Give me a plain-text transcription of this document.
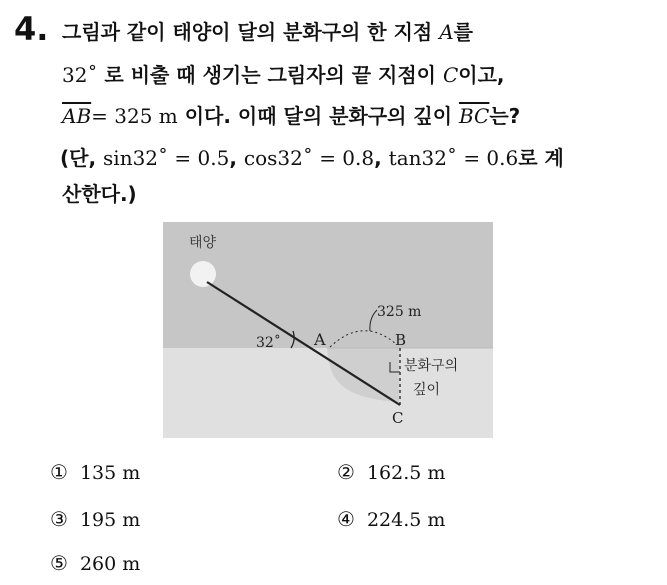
4. 그림과 같이 태양이 달의 분화구의 한 지점 A를
32˚ 로 비출 때 생기는 그림자의 끝 지점이 C이고,
$\overline{AB}= 325$ m 이다. 이때 달의 분화구의 깊이 $\overline{BC}$는?
(단, sin32˚ = 0.5, cos32˚ = 0.8, tan32˚ = 0.6로 계
산한다.)
태양
32˚ A
325 m
B
분화구의
깊이
C
① 135 m	② 162.5 m
③ 195 m	④ 224.5 m
⑤ 260 m
